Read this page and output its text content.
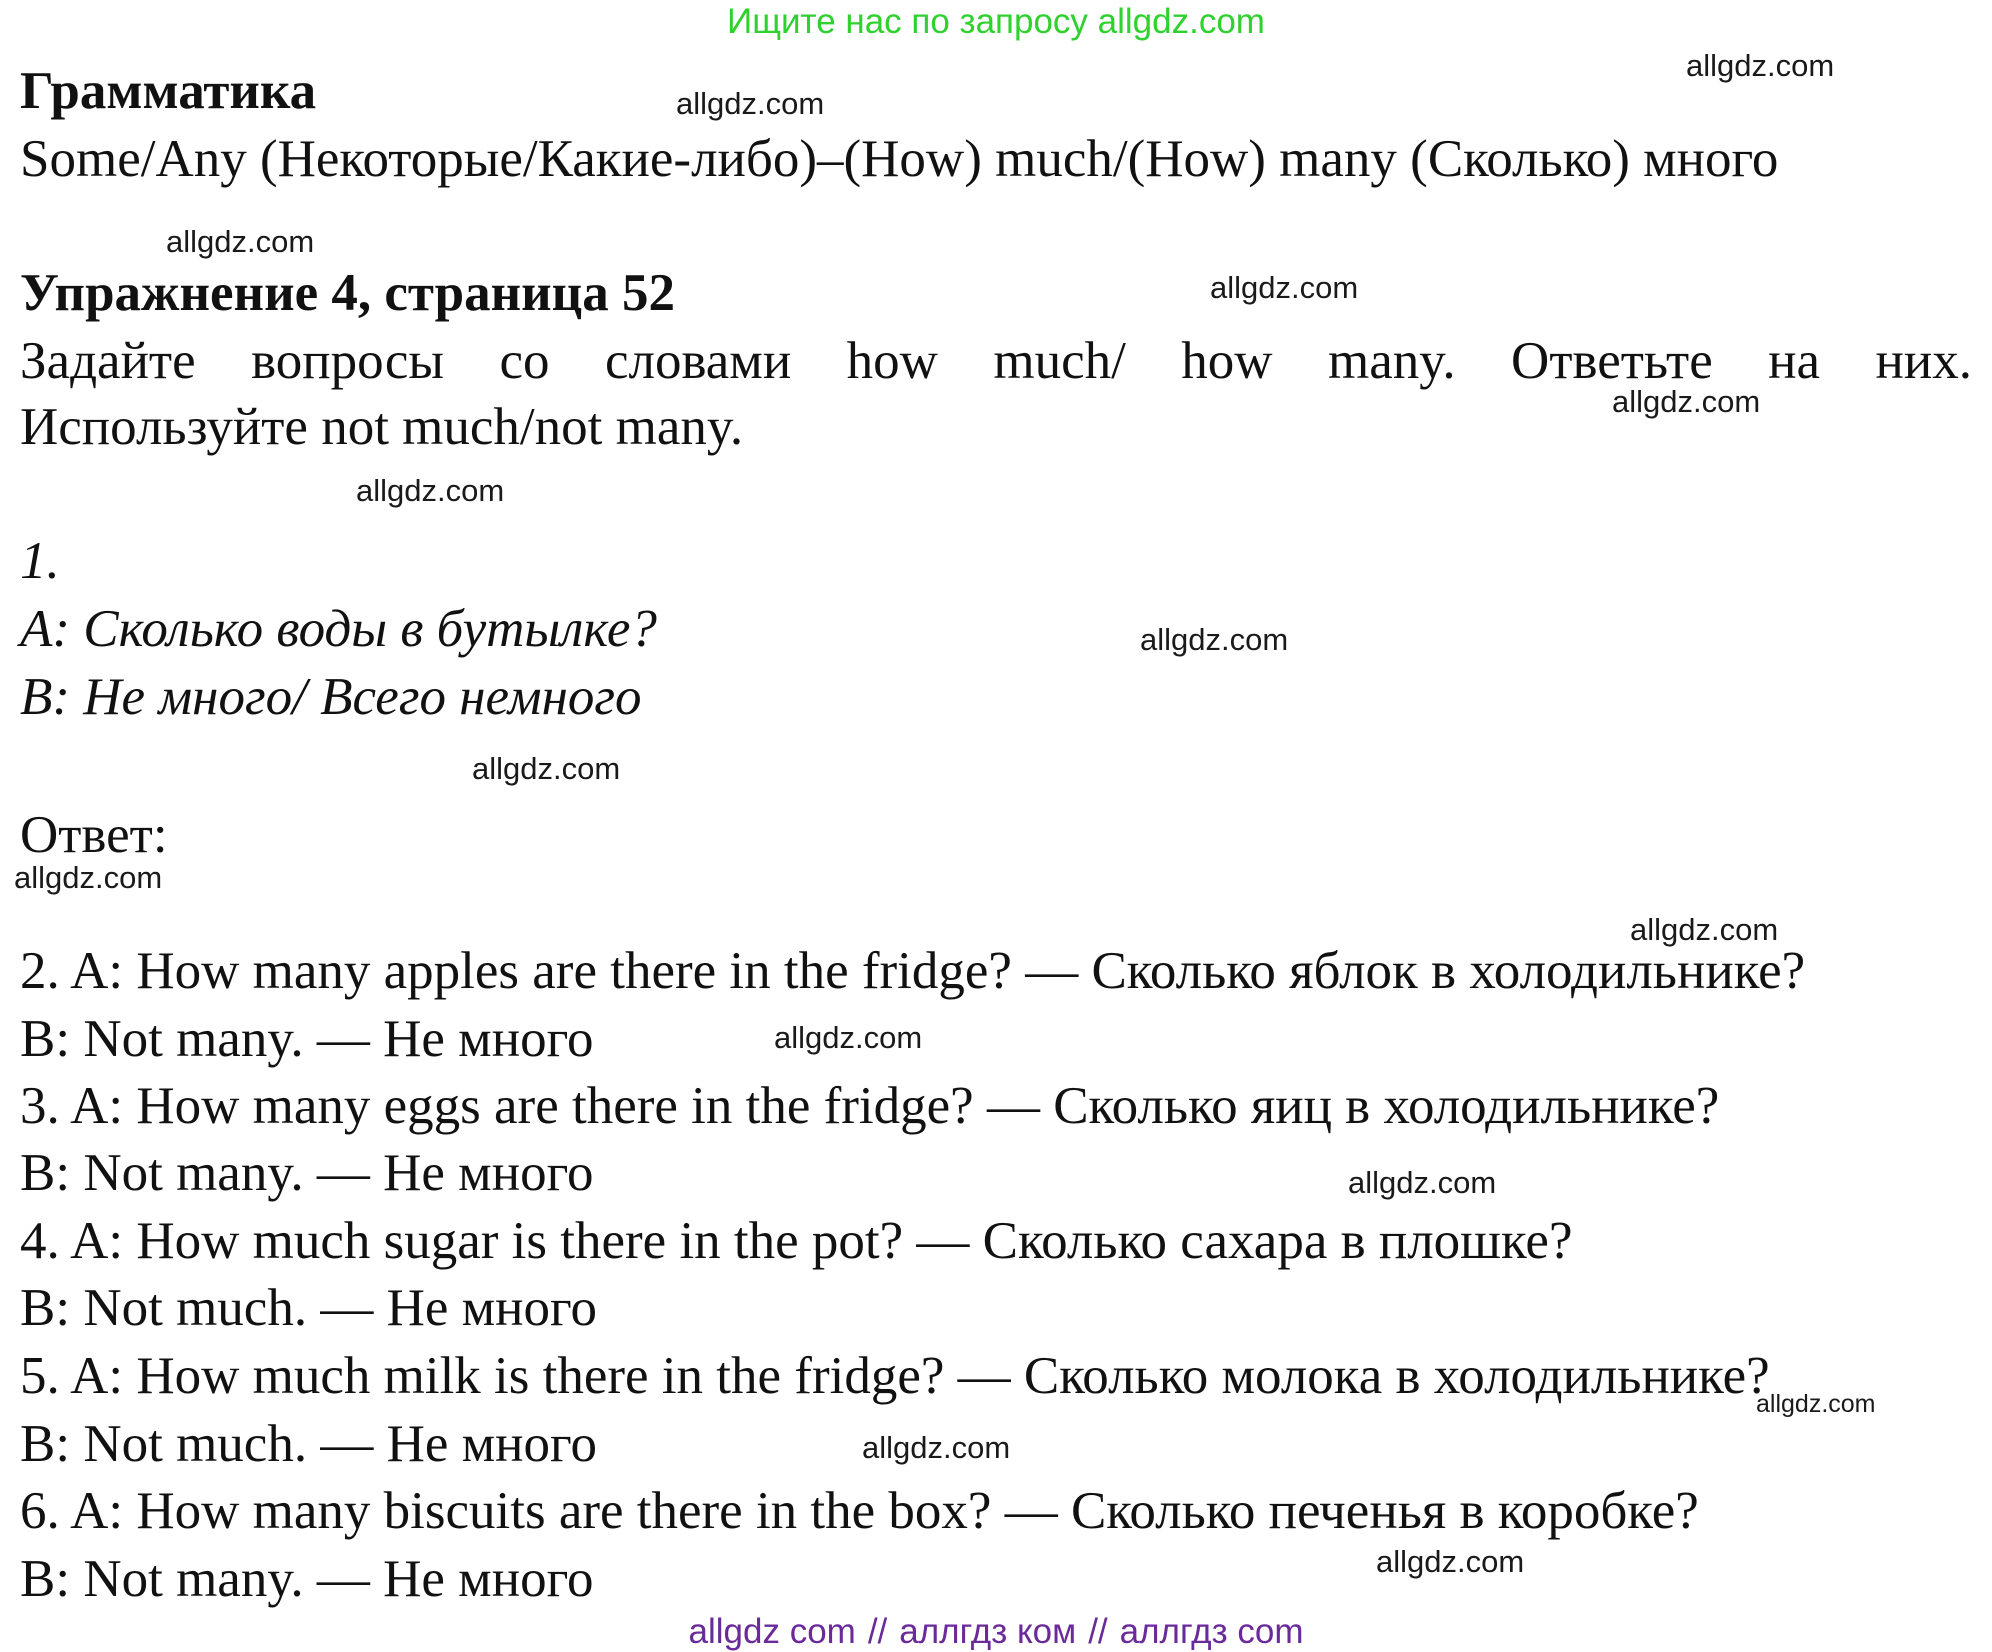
Ищите нас по запросу allgdz.com
Грамматика
Some/Any (Некоторые/Какие-либо)–(How) much/(How) many (Сколько) много
Упражнение 4, страница 52
Задайте вопросы со словами how much/ how many. Ответьте на них.
Используйте not much/not many.
1.
A: Сколько воды в бутылке?
B: Не много/ Всего немного
Ответ:
2. A: How many apples are there in the fridge? — Сколько яблок в холодильнике?
B: Not many. — Не много
3. A: How many eggs are there in the fridge? — Сколько яиц в холодильнике?
B: Not many. — Не много
4. A: How much sugar is there in the pot? — Сколько сахара в плошке?
B: Not much. — Не много
5. A: How much milk is there in the fridge? — Сколько молока в холодильнике?
B: Not much. — Не много
6. A: How many biscuits are there in the box? — Сколько печенья в коробке?
B: Not many. — Не много
allgdz.com
allgdz.com
allgdz.com
allgdz.com
allgdz.com
allgdz.com
allgdz.com
allgdz.com
allgdz.com
allgdz.com
allgdz.com
allgdz.com
allgdz.com
allgdz.com
allgdz.com
allgdz com // аллгдз ком // аллгдз com
